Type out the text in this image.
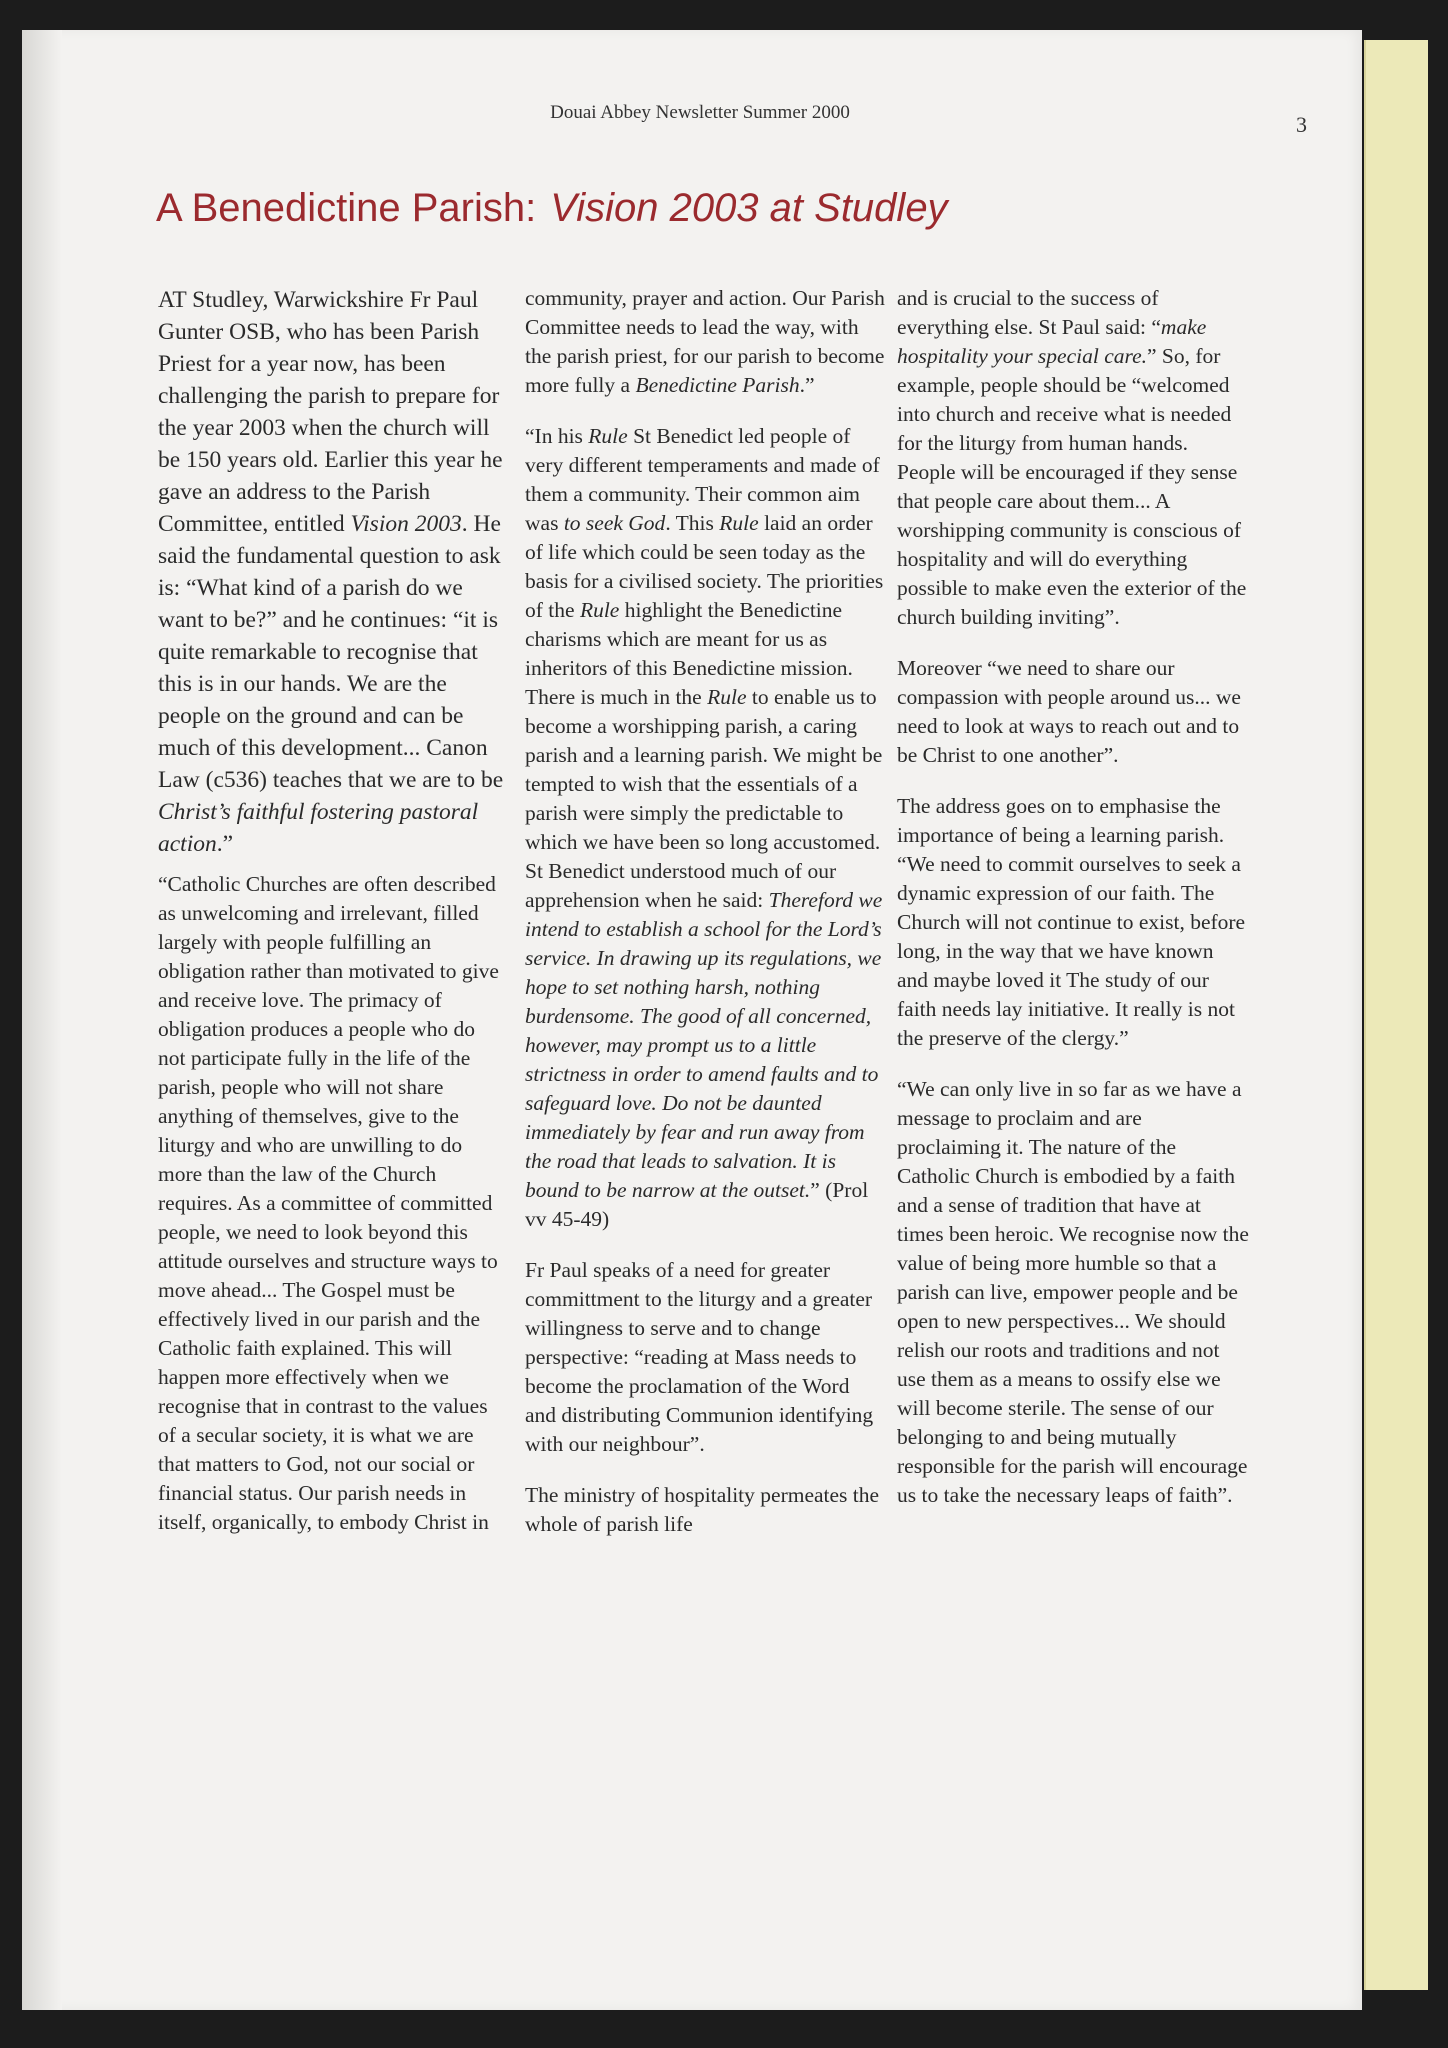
Douai Abbey Newsletter Summer 2000	3
A Benedictine Parish: Vision 2003 at Studley

AT Studley, Warwickshire Fr Paul Gunter OSB, who has been Parish Priest for a year now, has been challenging the parish to prepare for the year 2003 when the church will be 150 years old. Earlier this year he gave an address to the Parish Committee, entitled Vision 2003. He said the fundamental question to ask is: “What kind of a parish do we want to be?” and he continues: “it is quite remarkable to recognise that this is in our hands. We are the people on the ground and can be much of this development... Canon Law (c536) teaches that we are to be Christ’s faithful fostering pastoral action.”

“Catholic Churches are often described as unwelcoming and irrelevant, filled largely with people fulfilling an obligation rather than motivated to give and receive love. The primacy of obligation produces a people who do not participate fully in the life of the parish, people who will not share anything of themselves, give to the liturgy and who are unwilling to do more than the law of the Church requires. As a committee of committed people, we need to look beyond this attitude ourselves and structure ways to move ahead... The Gospel must be effectively lived in our parish and the Catholic faith explained. This will happen more effectively when we recognise that in contrast to the values of a secular society, it is what we are that matters to God, not our social or financial status. Our parish needs in itself, organically, to embody Christ in

community, prayer and action. Our Parish Committee needs to lead the way, with the parish priest, for our parish to become more fully a Benedictine Parish.”

“In his Rule St Benedict led people of very different temperaments and made of them a community. Their common aim was to seek God. This Rule laid an order of life which could be seen today as the basis for a civilised society. The priorities of the Rule highlight the Benedictine charisms which are meant for us as inheritors of this Benedictine mission. There is much in the Rule to enable us to become a worshipping parish, a caring parish and a learning parish. We might be tempted to wish that the essentials of a parish were simply the predictable to which we have been so long accustomed. St Benedict understood much of our apprehension when he said: Thereford we intend to establish a school for the Lord’s service. In drawing up its regulations, we hope to set nothing harsh, nothing burdensome. The good of all concerned, however, may prompt us to a little strictness in order to amend faults and to safeguard love. Do not be daunted immediately by fear and run away from the road that leads to salvation. It is bound to be narrow at the outset.” (Prol vv 45-49)

Fr Paul speaks of a need for greater committment to the liturgy and a greater willingness to serve and to change perspective: “reading at Mass needs to become the proclamation of the Word and distributing Communion identifying with our neighbour”.

The ministry of hospitality permeates the whole of parish life

and is crucial to the success of everything else. St Paul said: “make hospitality your special care.” So, for example, people should be “welcomed into church and receive what is needed for the liturgy from human hands. People will be encouraged if they sense that people care about them... A worshipping community is conscious of hospitality and will do everything possible to make even the exterior of the church building inviting”.

Moreover “we need to share our compassion with people around us... we need to look at ways to reach out and to be Christ to one another”.

The address goes on to emphasise the importance of being a learning parish. “We need to commit ourselves to seek a dynamic expression of our faith. The Church will not continue to exist, before long, in the way that we have known and maybe loved it The study of our faith needs lay initiative. It really is not the preserve of the clergy.”

“We can only live in so far as we have a message to proclaim and are proclaiming it. The nature of the Catholic Church is embodied by a faith and a sense of tradition that have at times been heroic. We recognise now the value of being more humble so that a parish can live, empower people and be open to new perspectives... We should relish our roots and traditions and not use them as a means to ossify else we will become sterile. The sense of our belonging to and being mutually responsible for the parish will encourage us to take the necessary leaps of faith”.
